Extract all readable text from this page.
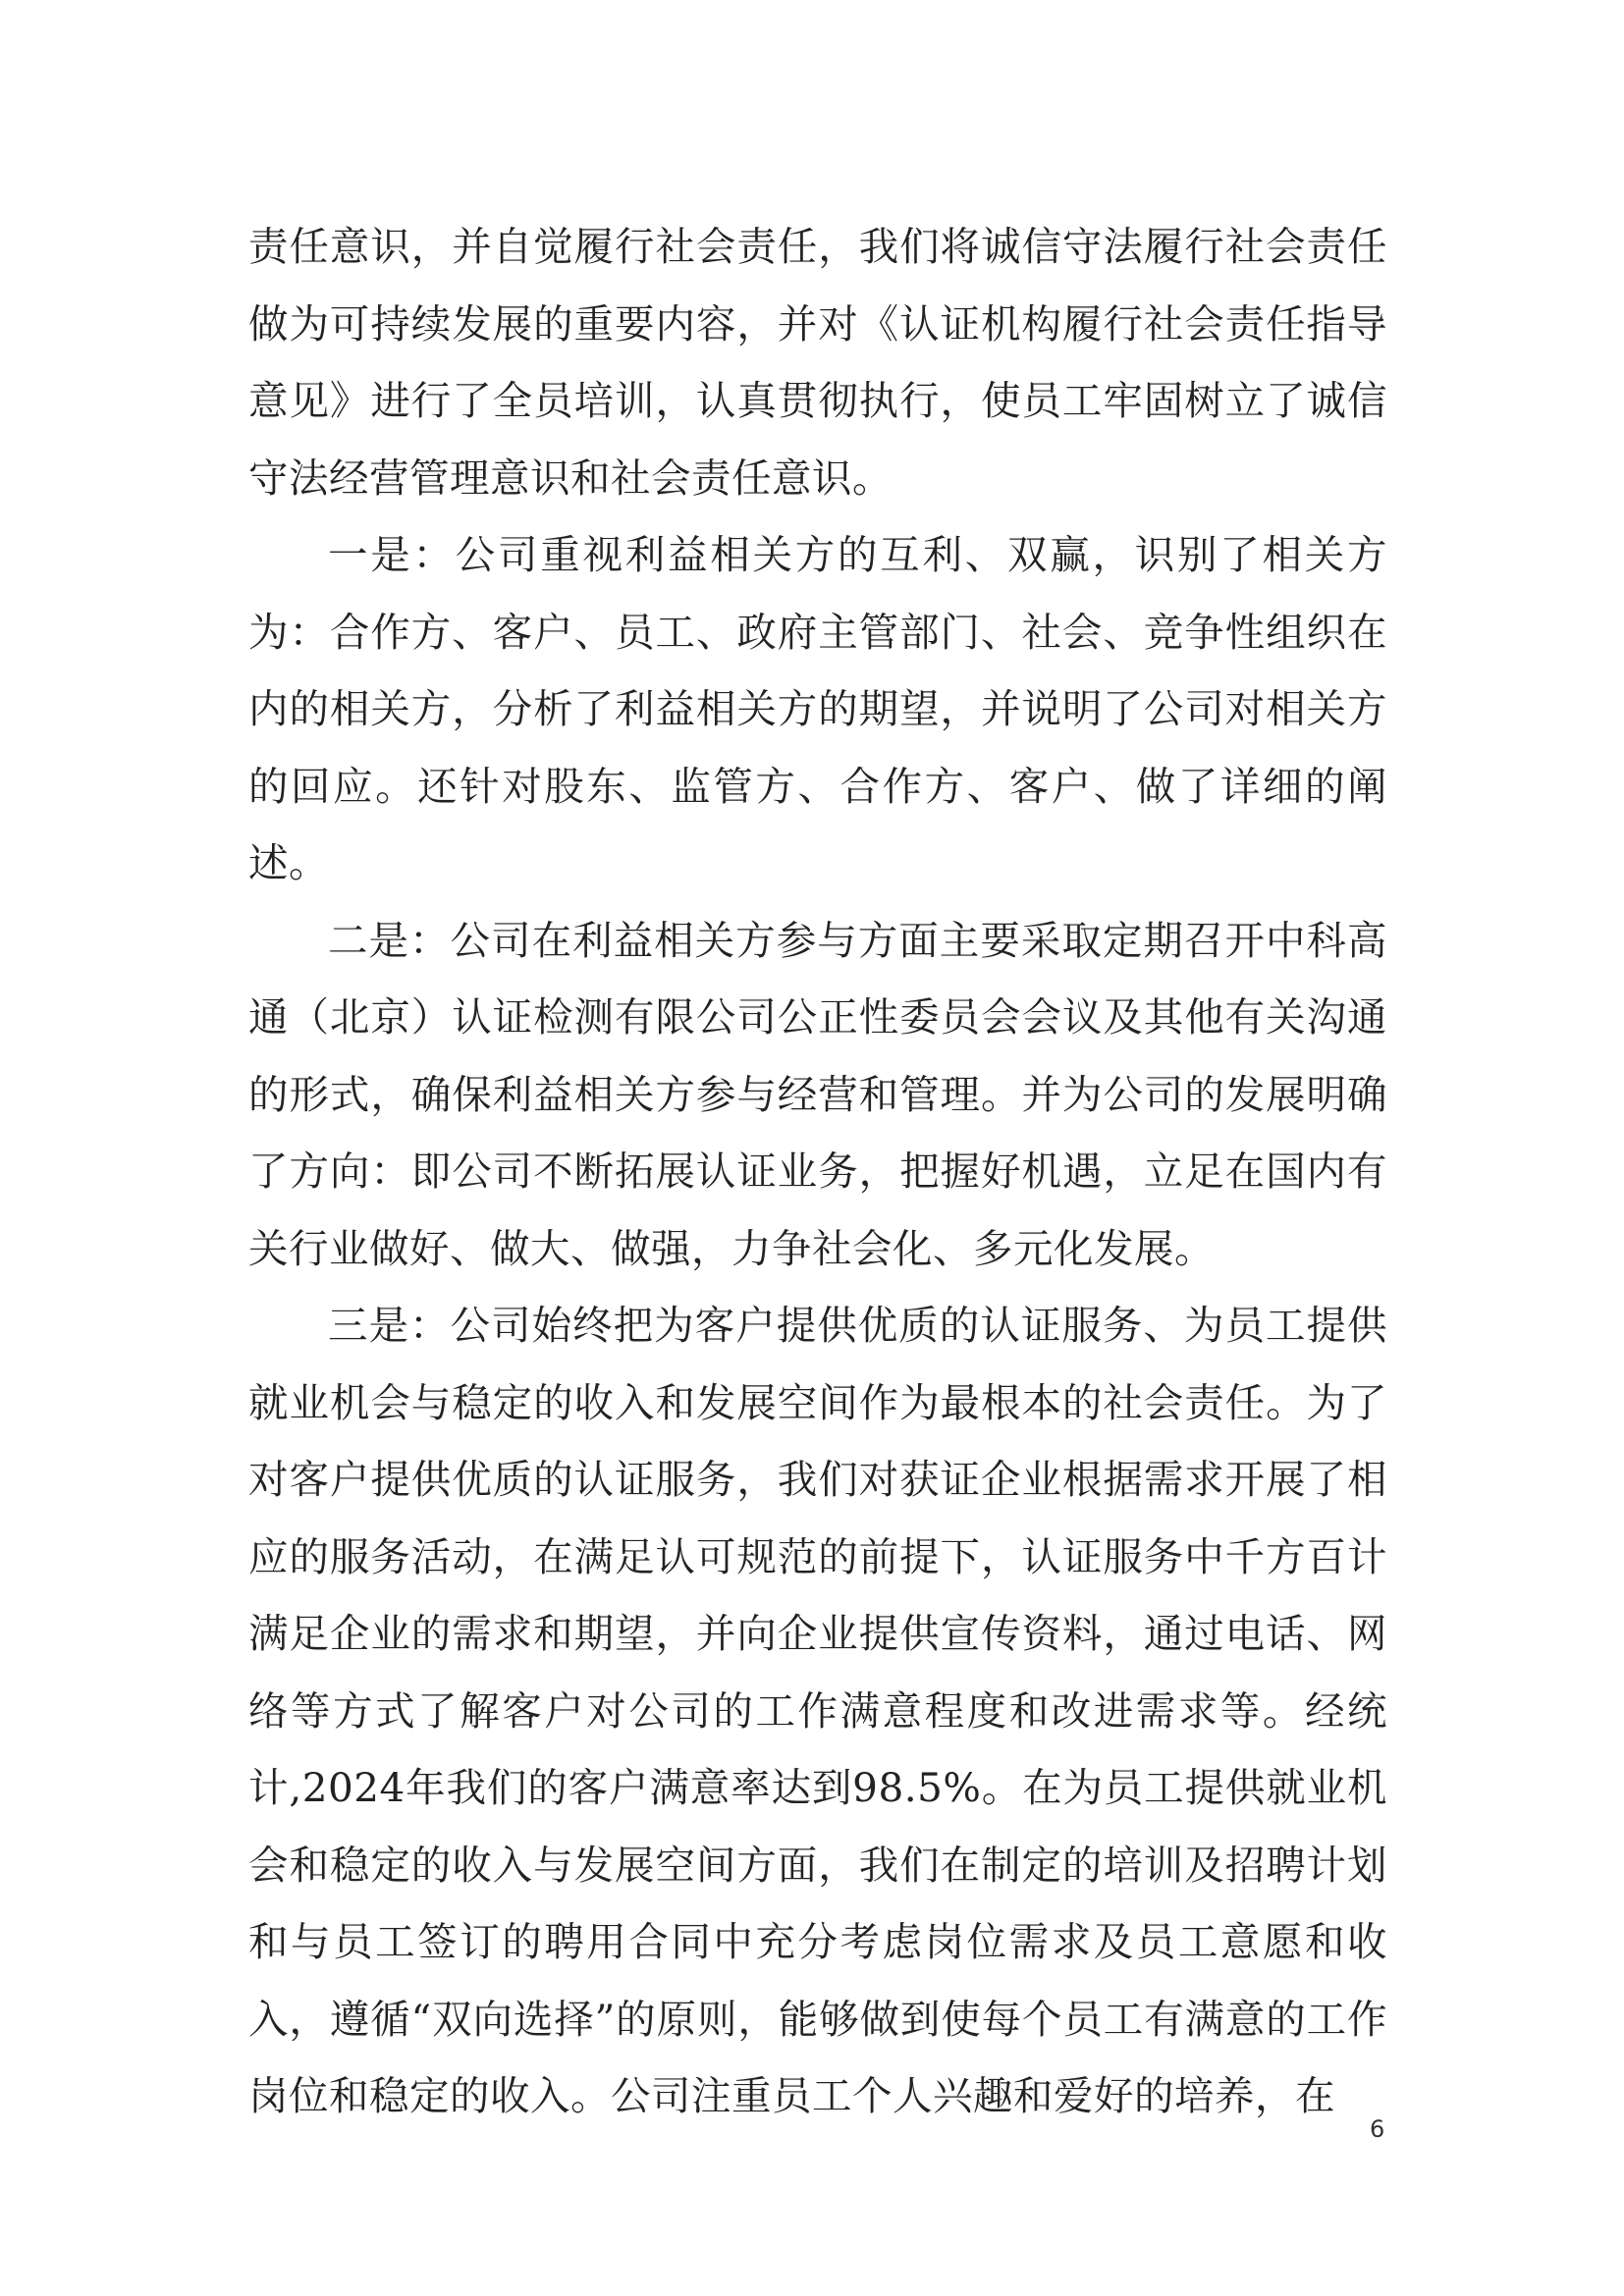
责任意识，并自觉履行社会责任，我们将诚信守法履行社会责任做为可持续发展的重要内容，并对《认证机构履行社会责任指导意见》进行了全员培训，认真贯彻执行，使员工牢固树立了诚信守法经营管理意识和社会责任意识。

一是：公司重视利益相关方的互利、双赢，识别了相关方为：合作方、客户、员工、政府主管部门、社会、竞争性组织在内的相关方，分析了利益相关方的期望，并说明了公司对相关方的回应。还针对股东、监管方、合作方、客户、做了详细的阐述。

二是：公司在利益相关方参与方面主要采取定期召开中科高通（北京）认证检测有限公司公正性委员会会议及其他有关沟通的形式，确保利益相关方参与经营和管理。并为公司的发展明确了方向：即公司不断拓展认证业务，把握好机遇，立足在国内有关行业做好、做大、做强，力争社会化、多元化发展。

三是：公司始终把为客户提供优质的认证服务、为员工提供就业机会与稳定的收入和发展空间作为最根本的社会责任。为了对客户提供优质的认证服务，我们对获证企业根据需求开展了相应的服务活动，在满足认可规范的前提下，认证服务中千方百计满足企业的需求和期望，并向企业提供宣传资料，通过电话、网络等方式了解客户对公司的工作满意程度和改进需求等。经统计,2024年我们的客户满意率达到98.5%。在为员工提供就业机会和稳定的收入与发展空间方面，我们在制定的培训及招聘计划和与员工签订的聘用合同中充分考虑岗位需求及员工意愿和收入，遵循“双向选择”的原则，能够做到使每个员工有满意的工作岗位和稳定的收入。公司注重员工个人兴趣和爱好的培养，在

6
